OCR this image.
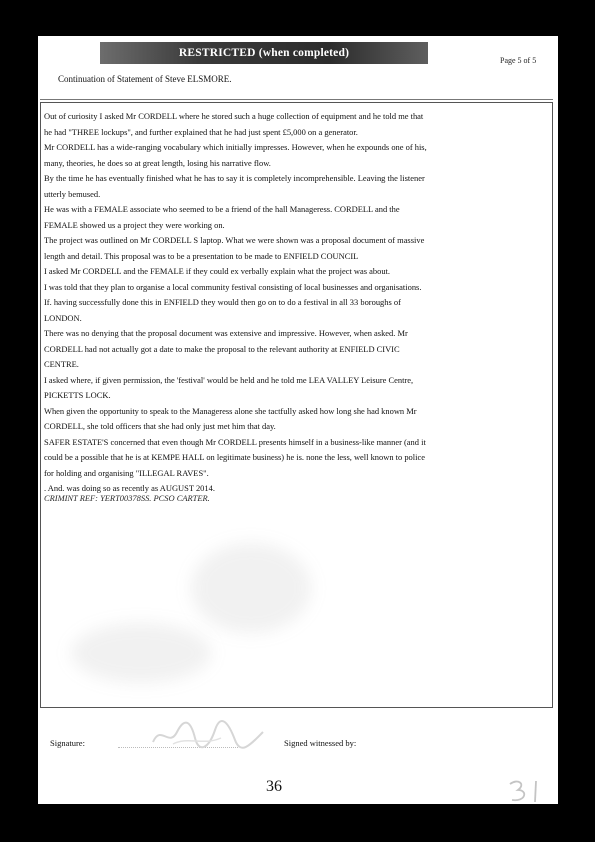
RESTRICTED (when completed)
Page 5 of 5
Continuation of Statement of Steve ELSMORE.
Out of curiosity I asked Mr CORDELL where he stored such a huge collection of equipment and he told me that
he had "THREE lockups", and further explained that he had just spent £5,000 on a generator.
Mr CORDELL has a wide-ranging vocabulary which initially impresses. However, when he expounds one of his,
many, theories, he does so at great length, losing his narrative flow.
By the time he has eventually finished what he has to say it is completely incomprehensible. Leaving the listener
utterly bemused.
He was with a FEMALE associate who seemed to be a friend of the hall Manageress. CORDELL and the
FEMALE showed us a project they were working on.
The project was outlined on Mr CORDELL S laptop. What we were shown was a proposal document of massive
length and detail. This proposal was to be a presentation to be made to ENFIELD COUNCIL
I asked Mr CORDELL and the FEMALE if they could ex verbally explain what the project was about.
I was told that they plan to organise a local community festival consisting of local businesses and organisations.
If. having successfully done this in ENFIELD they would then go on to do a festival in all 33 boroughs of
LONDON.
There was no denying that the proposal document was extensive and impressive. However, when asked. Mr
CORDELL had not actually got a date to make the proposal to the relevant authority at ENFIELD CIVIC
CENTRE.
I asked where, if given permission, the 'festival' would be held and he told me LEA VALLEY Leisure Centre,
PICKETTS LOCK.
When given the opportunity to speak to the Manageress alone she tactfully asked how long she had known Mr
CORDELL, she told officers that she had only just met him that day.
SAFER ESTATE'S concerned that even though Mr CORDELL presents himself in a business-like manner (and it
could be a possible that he is at KEMPE HALL on legitimate business) he is. none the less, well known to police
for holding and organising "ILLEGAL RAVES".
. And. was doing so as recently as AUGUST 2014.
CRIMINT REF: YERT00378SS. PCSO CARTER.
Signature:	Signed witnessed by:
36
